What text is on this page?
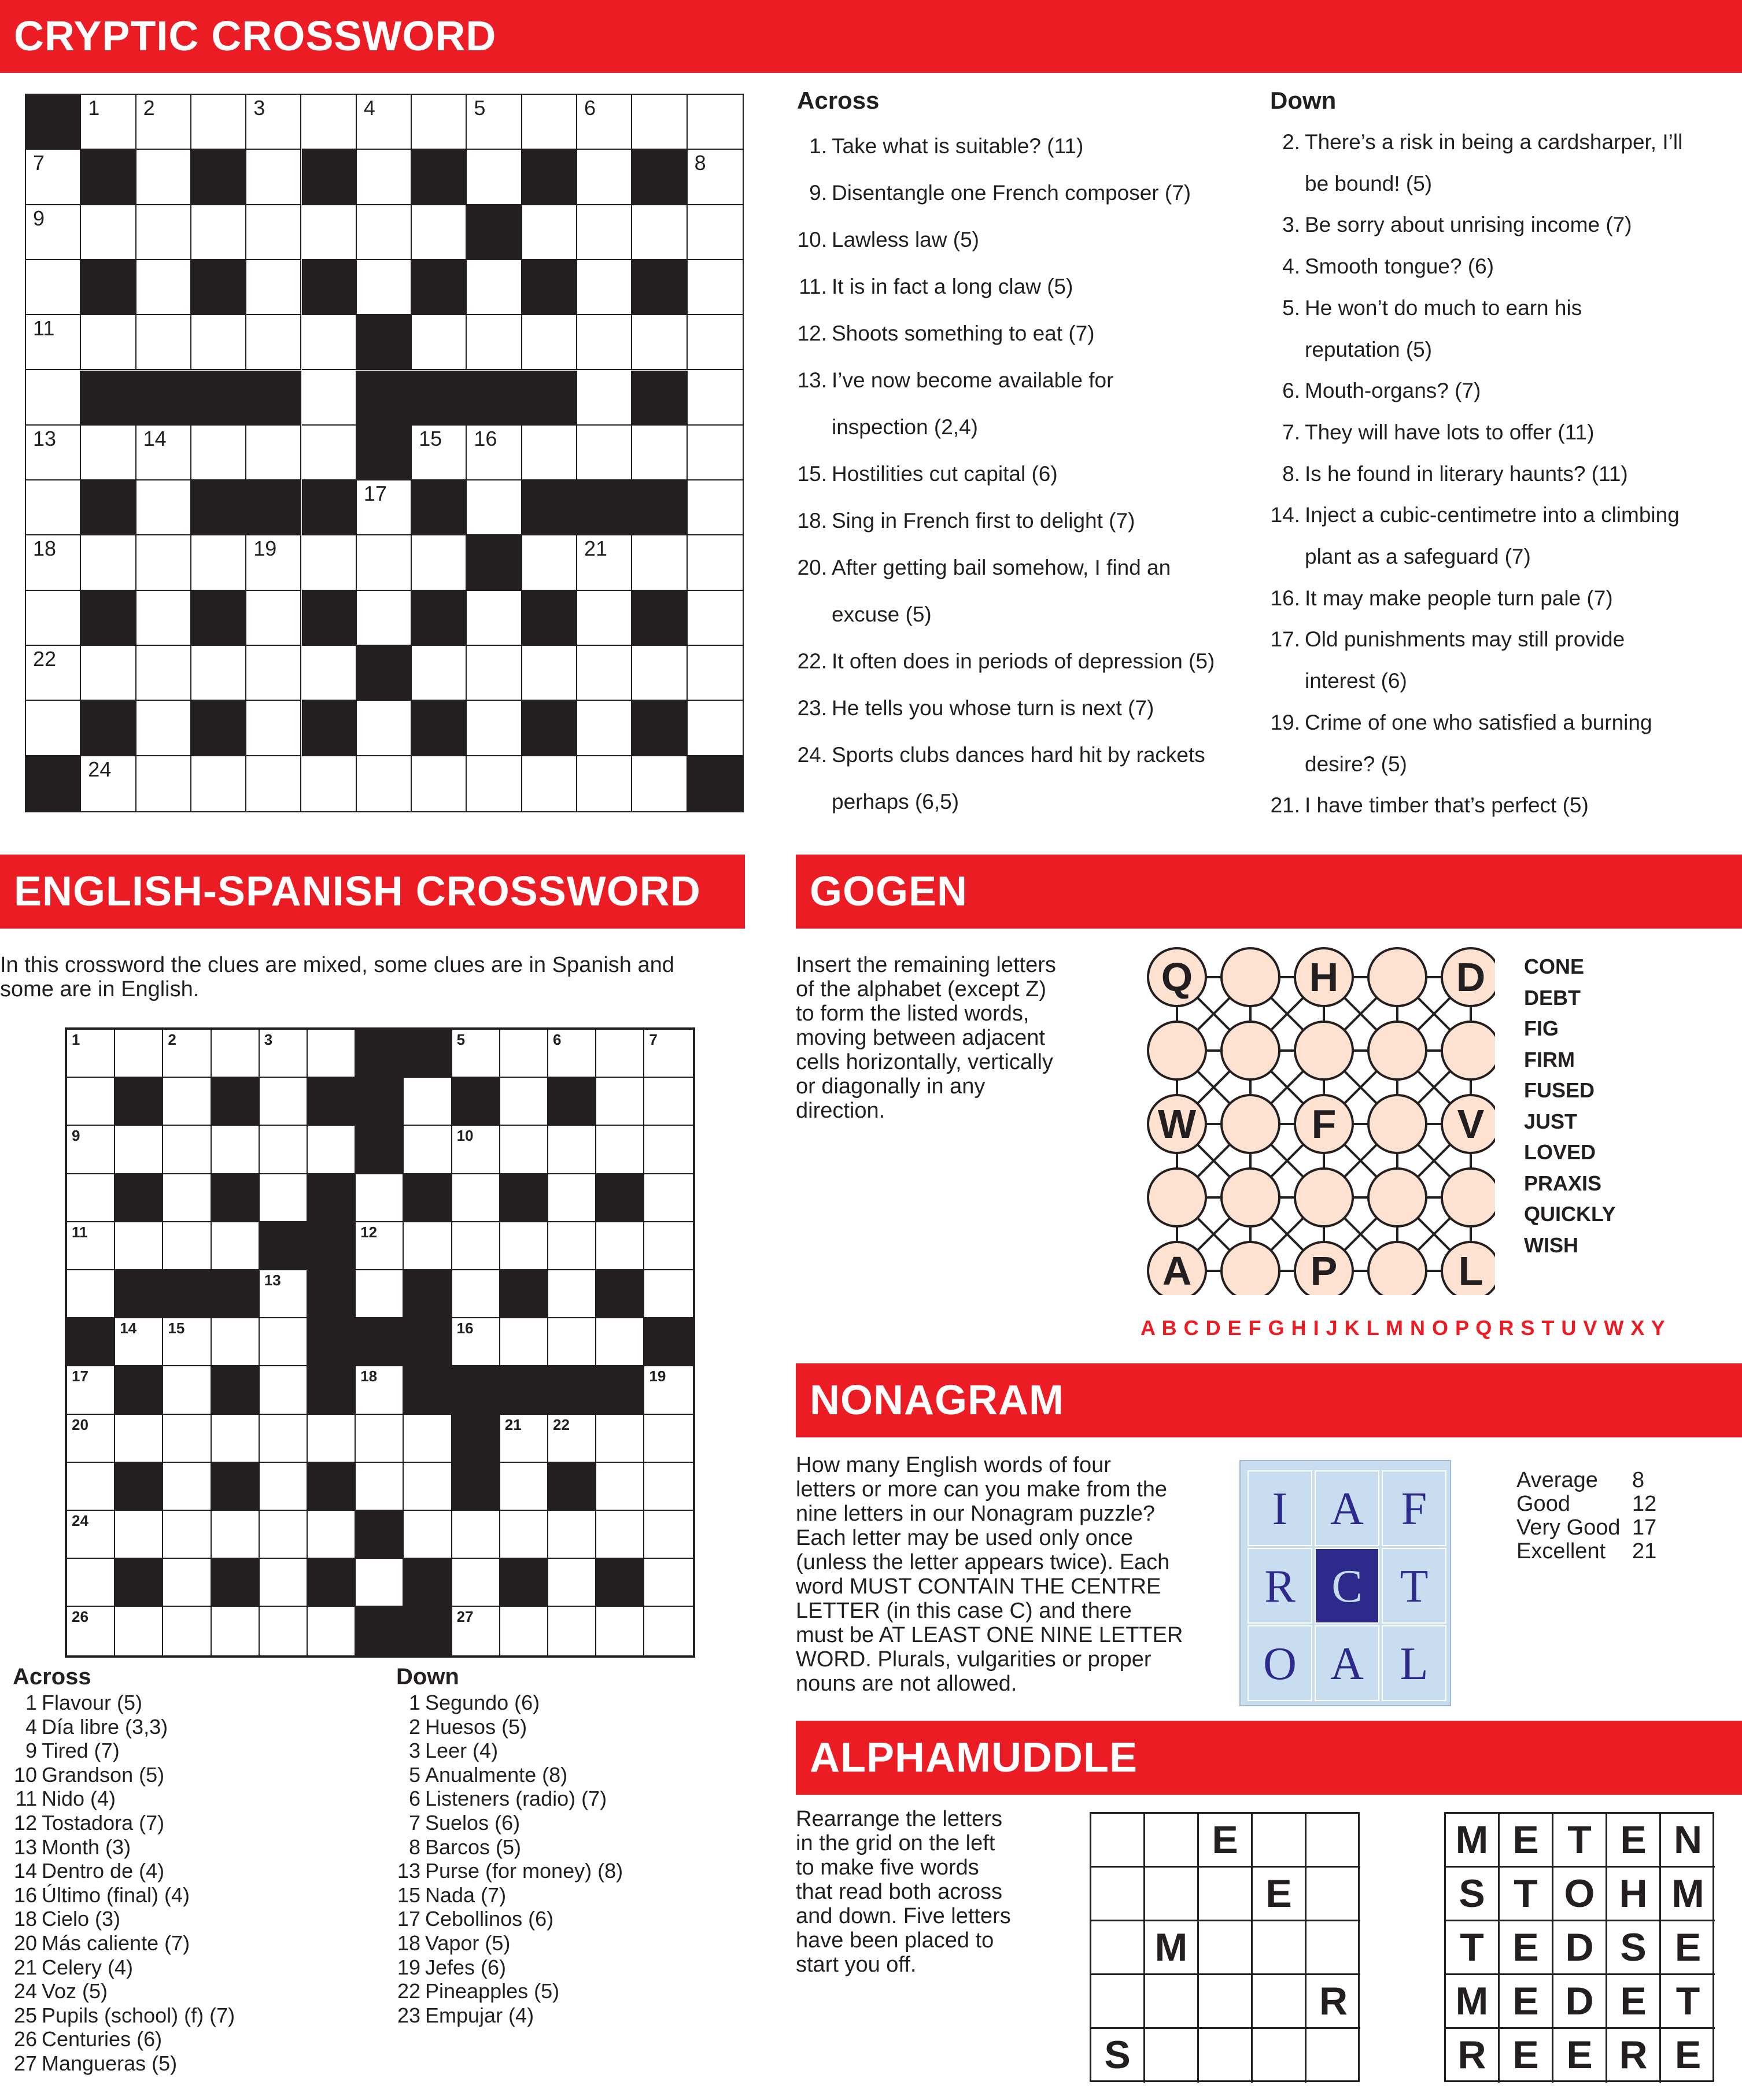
CRYPTIC CROSSWORD
1 2	3	4	5	6
7	8
9	10
11	12
13	14	15 16
17
18	19	20	21
22	23
24
Across
1. Take what is suitable? (11)
9. Disentangle one French composer (7)
10. Lawless law (5)
11. It is in fact a long claw (5)
12. Shoots something to eat (7)
13. I’ve now become available for
inspection (2,4)
15. Hostilities cut capital (6)
18. Sing in French first to delight (7)
20. After getting bail somehow, I find an
excuse (5)
22. It often does in periods of depression (5)
23. He tells you whose turn is next (7)
24. Sports clubs dances hard hit by rackets
perhaps (6,5)
Down
2. There’s a risk in being a cardsharper, I’ll
be bound! (5)
3. Be sorry about unrising income (7)
4. Smooth tongue? (6)
5. He won’t do much to earn his
reputation (5)
6. Mouth-organs? (7)
7. They will have lots to offer (11)
8. Is he found in literary haunts? (11)
14. Inject a cubic-centimetre into a climbing
plant as a safeguard (7)
16. It may make people turn pale (7)
17. Old punishments may still provide
interest (6)
19. Crime of one who satisfied a burning
desire? (5)
21. I have timber that’s perfect (5)
ENGLISH-SPANISH CROSSWORD
In this crossword the clues are mixed, some clues are in Spanish and
some are in English.
1	2	3	4	5	6	7
8
9	10
11	12
13
14 15	16
17	18	19
20	21 22
23
24	25
26	27
Across
1 Flavour (5)
4 Día libre (3,3)
9 Tired (7)
10 Grandson (5)
11 Nido (4)
12 Tostadora (7)
13 Month (3)
14 Dentro de (4)
16 Último (final) (4)
18 Cielo (3)
20 Más caliente (7)
21 Celery (4)
24 Voz (5)
25 Pupils (school) (f) (7)
26 Centuries (6)
27 Mangueras (5)
Down
1 Segundo (6)
2 Huesos (5)
3 Leer (4)
5 Anualmente (8)
6 Listeners (radio) (7)
7 Suelos (6)
8 Barcos (5)
13 Purse (for money) (8)
15 Nada (7)
17 Cebollinos (6)
18 Vapor (5)
19 Jefes (6)
22 Pineapples (5)
23 Empujar (4)
GOGEN
Insert the remaining letters
of the alphabet (except Z)
to form the listed words,
moving between adjacent
cells horizontally, vertically
or diagonally in any
direction.
Q	H	D
W	F	V
A	P	L
CONE
DEBT
FIG
FIRM
FUSED
JUST
LOVED
PRAXIS
QUICKLY
WISH
A B C D E F G H I J K L M N O P Q R S T U V W X Y
NONAGRAM
How many English words of four
letters or more can you make from the
nine letters in our Nonagram puzzle?
Each letter may be used only once
(unless the letter appears twice). Each
word MUST CONTAIN THE CENTRE
LETTER (in this case C) and there
must be AT LEAST ONE NINE LETTER
WORD. Plurals, vulgarities or proper
nouns are not allowed.
I A F
R C T
O A L
Average 8
Good	12
Very Good 17
Excellent 21
ALPHAMUDDLE
Rearrange the letters
in the grid on the left
to make five words
that read both across
and down. Five letters
have been placed to
start you off.
E
E
M
R
S
M E T E N
S T O H M
T E D S E
M E D E T
R E E R E
